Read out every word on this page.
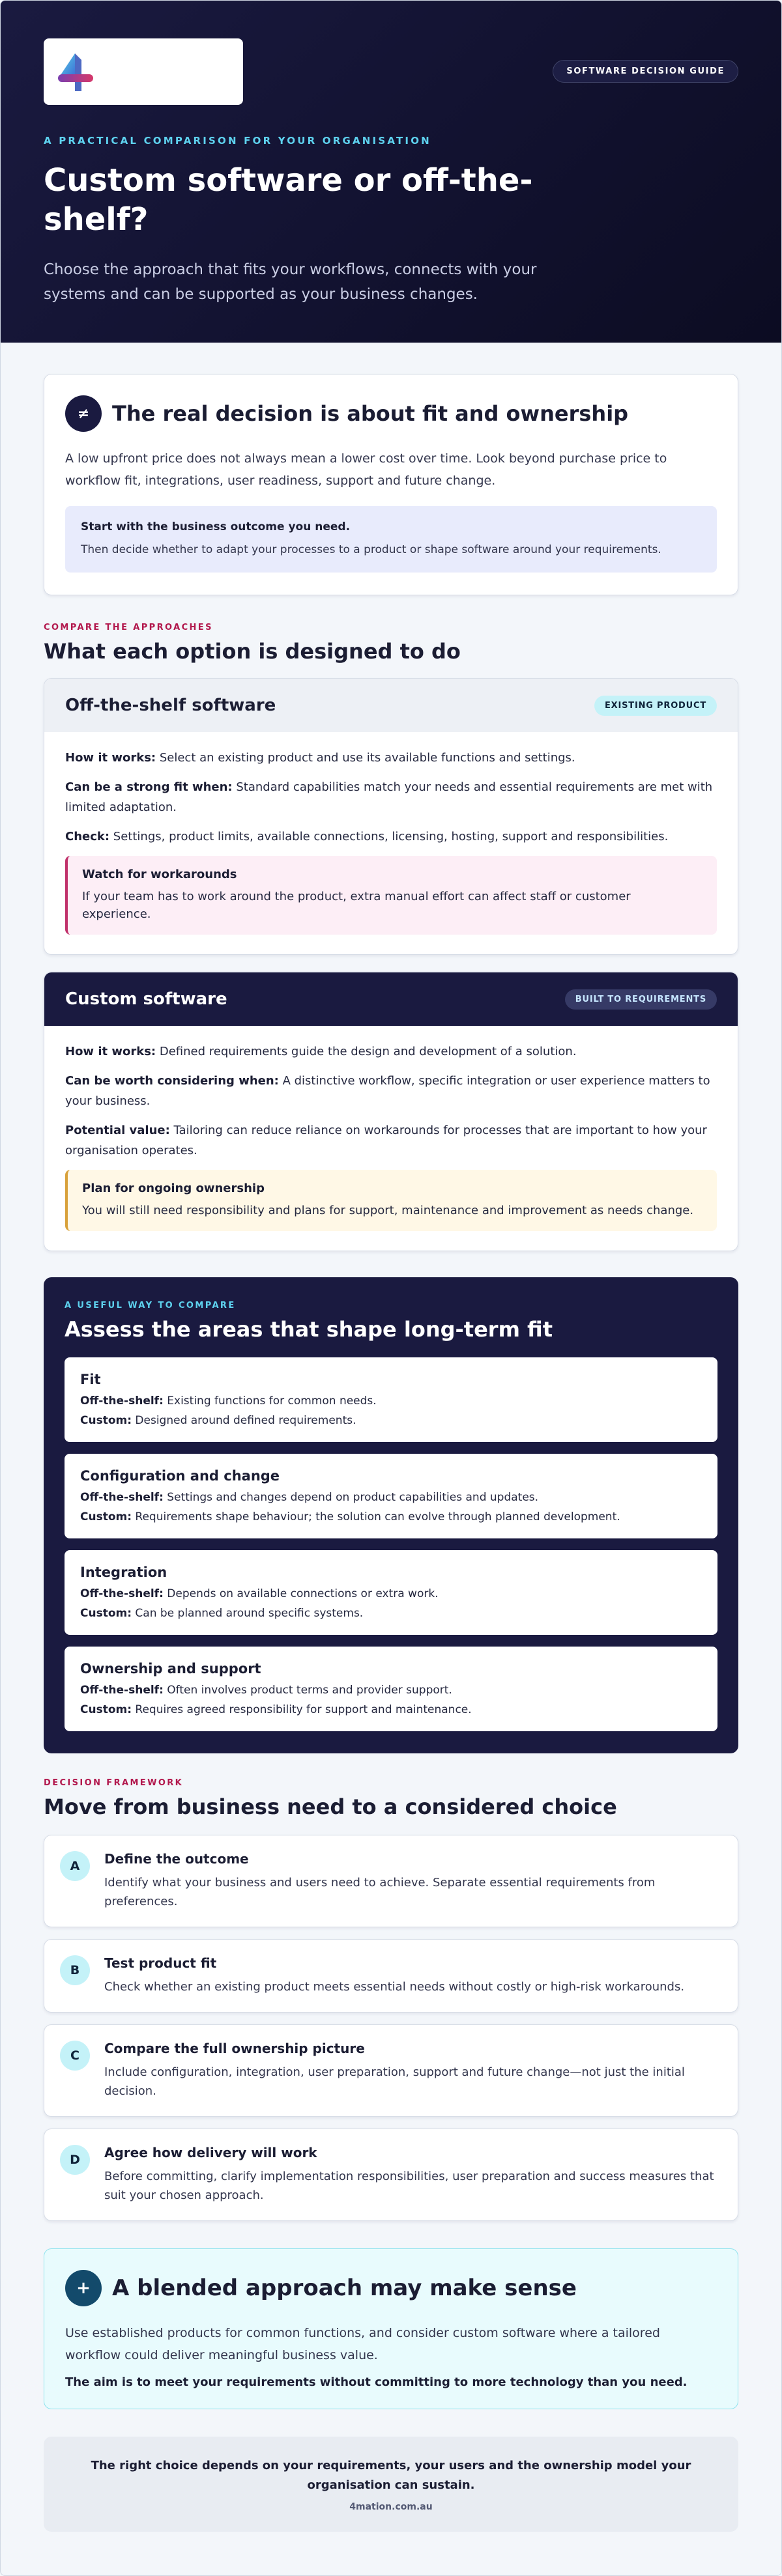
SOFTWARE DECISION GUIDE
A PRACTICAL COMPARISON FOR YOUR ORGANISATION
Custom software or off-the-shelf?

Choose the approach that fits your workflows, connects with your systems and can be supported as your business changes.

≠	The real decision is about fit and ownership

A low upfront price does not always mean a lower cost over time. Look beyond purchase price to workflow fit, integrations, user readiness, support and future change.

Start with the business outcome you need.
Then decide whether to adapt your processes to a product or shape software around your requirements.
COMPARE THE APPROACHES
What each option is designed to do
Off-the-shelf software	EXISTING PRODUCT

How it works: Select an existing product and use its available functions and settings.

Can be a strong fit when: Standard capabilities match your needs and essential requirements are met with limited adaptation.

Check: Settings, product limits, available connections, licensing, hosting, support and responsibilities.

Watch for workarounds
If your team has to work around the product, extra manual effort can affect staff or customer experience.
Custom software	BUILT TO REQUIREMENTS

How it works: Defined requirements guide the design and development of a solution.

Can be worth considering when: A distinctive workflow, specific integration or user experience matters to your business.

Potential value: Tailoring can reduce reliance on workarounds for processes that are important to how your organisation operates.

Plan for ongoing ownership
You will still need responsibility and plans for support, maintenance and improvement as needs change.
A USEFUL WAY TO COMPARE
Assess the areas that shape long-term fit
Fit
Off-the-shelf: Existing functions for common needs.
Custom: Designed around defined requirements.
Configuration and change
Off-the-shelf: Settings and changes depend on product capabilities and updates.
Custom: Requirements shape behaviour; the solution can evolve through planned development.
Integration
Off-the-shelf: Depends on available connections or extra work.
Custom: Can be planned around specific systems.
Ownership and support
Off-the-shelf: Often involves product terms and provider support.
Custom: Requires agreed responsibility for support and maintenance.
DECISION FRAMEWORK
Move from business need to a considered choice
A	Define the outcome
Identify what your business and users need to achieve. Separate essential requirements from preferences.
B	Test product fit
Check whether an existing product meets essential needs without costly or high-risk workarounds.
C	Compare the full ownership picture
Include configuration, integration, user preparation, support and future change—not just the initial decision.
D	Agree how delivery will work
Before committing, clarify implementation responsibilities, user preparation and success measures that suit your chosen approach.
+ A blended approach may make sense

Use established products for common functions, and consider custom software where a tailored workflow could deliver meaningful business value.

The aim is to meet your requirements without committing to more technology than you need.

The right choice depends on your requirements, your users and the ownership model your organisation can sustain.
4mation.com.au
